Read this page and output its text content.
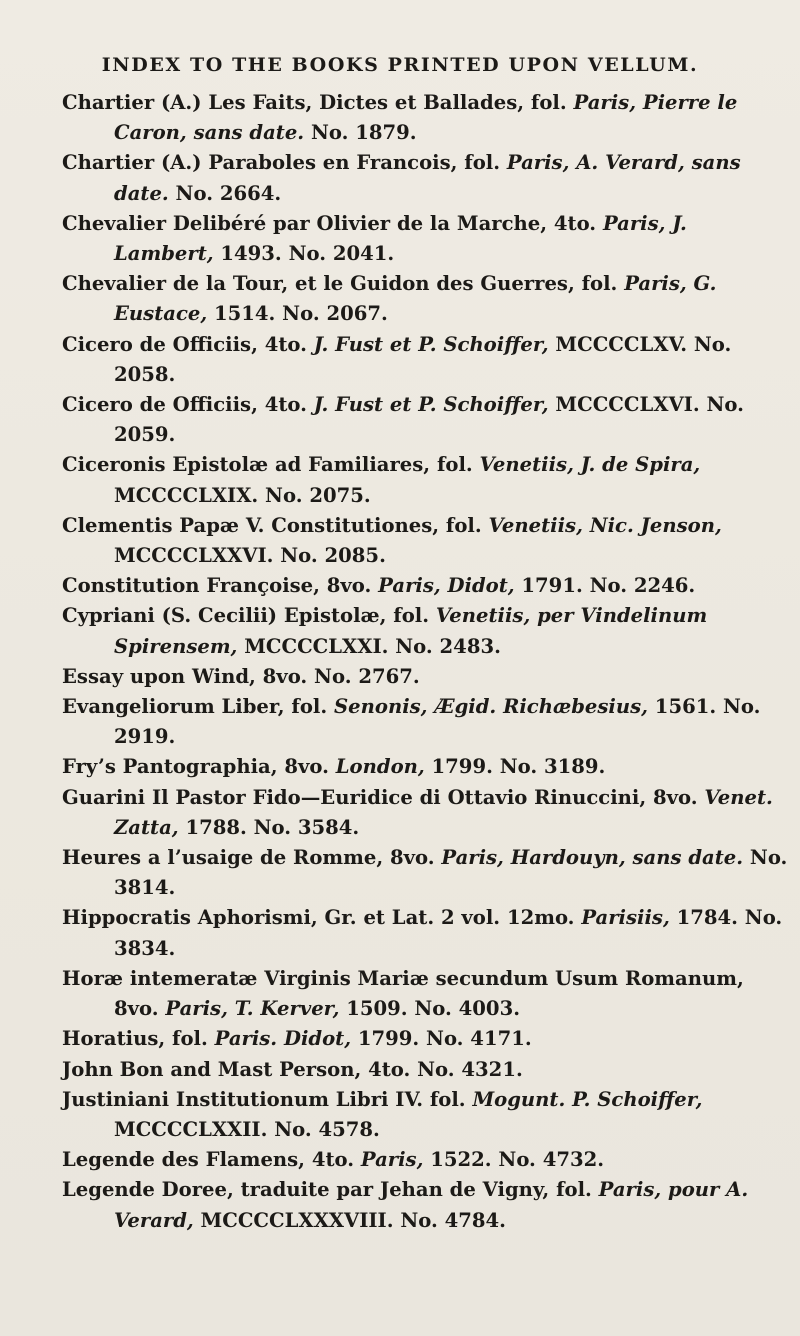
INDEX TO THE BOOKS PRINTED UPON VELLUM.
Chartier (A.) Les Faits, Dictes et Ballades, fol. Paris, Pierre le Caron, sans date. No. 1879.
Chartier (A.) Paraboles en Francois, fol. Paris, A. Verard, sans date. No. 2664.
Chevalier Delibéré par Olivier de la Marche, 4to. Paris, J. Lambert, 1493. No. 2041.
Chevalier de la Tour, et le Guidon des Guerres, fol. Paris, G. Eustace, 1514. No. 2067.
Cicero de Officiis, 4to. J. Fust et P. Schoiffer, MCCCCLXV. No. 2058.
Cicero de Officiis, 4to. J. Fust et P. Schoiffer, MCCCCLXVI. No. 2059.
Ciceronis Epistolæ ad Familiares, fol. Venetiis, J. de Spira, MCCCCLXIX. No. 2075.
Clementis Papæ V. Constitutiones, fol. Venetiis, Nic. Jenson, MCCCCLXXVI. No. 2085.
Constitution Françoise, 8vo. Paris, Didot, 1791. No. 2246.
Cypriani (S. Cecilii) Epistolæ, fol. Venetiis, per Vindelinum Spirensem, MCCCCLXXI. No. 2483.
Essay upon Wind, 8vo. No. 2767.
Evangeliorum Liber, fol. Senonis, Ægid. Richæbesius, 1561. No. 2919.
Fry’s Pantographia, 8vo. London, 1799. No. 3189.
Guarini Il Pastor Fido—Euridice di Ottavio Rinuccini, 8vo. Venet. Zatta, 1788. No. 3584.
Heures a l’usaige de Romme, 8vo. Paris, Hardouyn, sans date. No. 3814.
Hippocratis Aphorismi, Gr. et Lat. 2 vol. 12mo. Parisiis, 1784. No. 3834.
Horæ intemeratæ Virginis Mariæ secundum Usum Romanum, 8vo. Paris, T. Kerver, 1509. No. 4003.
Horatius, fol. Paris. Didot, 1799. No. 4171.
John Bon and Mast Person, 4to. No. 4321.
Justiniani Institutionum Libri IV. fol. Mogunt. P. Schoiffer, MCCCCLXXII. No. 4578.
Legende des Flamens, 4to. Paris, 1522. No. 4732.
Legende Doree, traduite par Jehan de Vigny, fol. Paris, pour A. Verard, MCCCCLXXXVIII. No. 4784.
